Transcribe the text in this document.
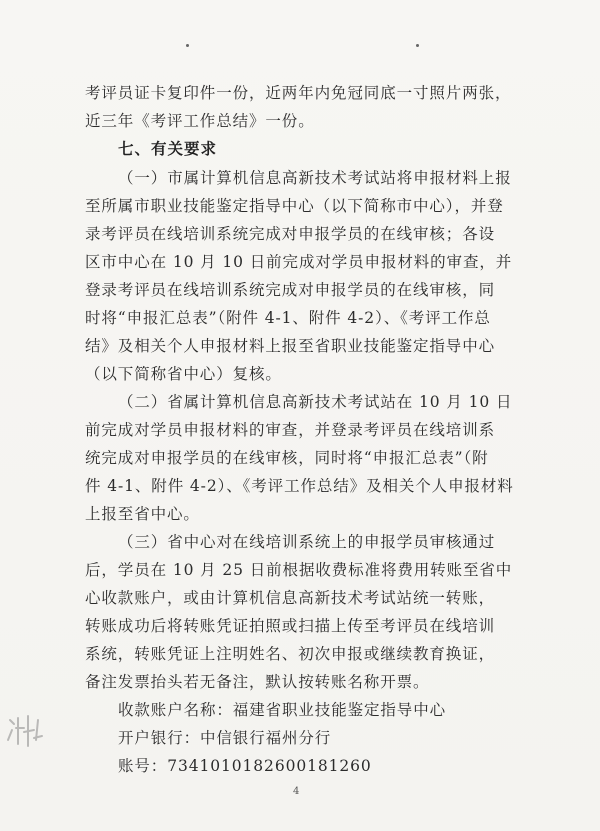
考评员证卡复印件一份，近两年内免冠同底一寸照片两张，
近三年《考评工作总结》一份。
七、有关要求
（一）市属计算机信息高新技术考试站将申报材料上报
至所属市职业技能鉴定指导中心（以下简称市中心），并登
录考评员在线培训系统完成对申报学员的在线审核；各设
区市中心在 10 月 10 日前完成对学员申报材料的审查，并
登录考评员在线培训系统完成对申报学员的在线审核，同
时将“申报汇总表”（附件 4-1、附件 4-2）、《考评工作总
结》及相关个人申报材料上报至省职业技能鉴定指导中心
（以下简称省中心）复核。
（二）省属计算机信息高新技术考试站在 10 月 10 日
前完成对学员申报材料的审查，并登录考评员在线培训系
统完成对申报学员的在线审核，同时将“申报汇总表”（附
件 4-1、附件 4-2）、《考评工作总结》及相关个人申报材料
上报至省中心。
（三）省中心对在线培训系统上的申报学员审核通过
后，学员在 10 月 25 日前根据收费标准将费用转账至省中
心收款账户，或由计算机信息高新技术考试站统一转账，
转账成功后将转账凭证拍照或扫描上传至考评员在线培训
系统，转账凭证上注明姓名、初次申报或继续教育换证，
备注发票抬头若无备注，默认按转账名称开票。
收款账户名称：福建省职业技能鉴定指导中心
开户银行：中信银行福州分行
账号：7341010182600181260
4
